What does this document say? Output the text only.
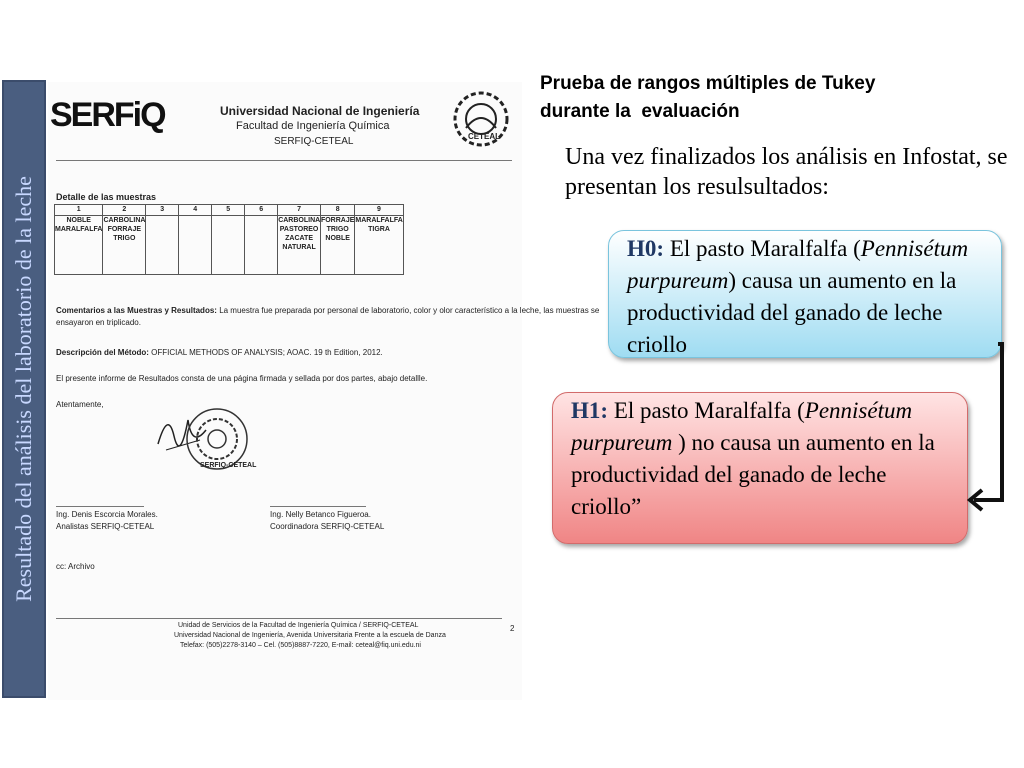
Resultado del análisis del laboratorio de la leche
SERFiQ	Universidad Nacional de Ingeniería
Facultad de Ingeniería Química
SERFIQ-CETEAL	CETEAL
Detalle de las muestras
1	2	3	4	5	6	7	8	9
NOBLE MARALFALFA	CARBOLINA FORRAJE TRIGO					CARBOLINA PASTOREO ZACATE NATURAL	FORRAJE TRIGO NOBLE	MARALFALFA TIGRA
Comentarios a las Muestras y Resultados: La muestra fue preparada por personal de laboratorio, color y olor característico a la leche, las muestras se
ensayaron en triplicado.
Descripción del Método: OFFICIAL METHODS OF ANALYSIS; AOAC. 19 th Edition, 2012.
El presente informe de Resultados consta de una página firmada y sellada por dos partes, abajo detallle.
Atentamente,
SERFIQ-CETEAL
Ing. Denis Escorcia Morales.
Analistas SERFIQ-CETEAL
Ing. Nelly Betanco Figueroa.
Coordinadora SERFIQ-CETEAL
cc: Archivo
2
Unidad de Servicios de la Facultad de Ingeniería Química / SERFIQ-CETEAL
Universidad Nacional de Ingeniería, Avenida Universitaria Frente a la escuela de Danza
Telefax: (505)2278-3140 – Cel. (505)8887-7220, E-mail: ceteal@fiq.uni.edu.ni
Prueba de rangos múltiples de Tukey
durante la  evaluación
Una vez finalizados los análisis en Infostat, se presentan los resulsultados:
H0: El pasto Maralfalfa (Pennisétum purpureum) causa un aumento en la productividad del ganado de leche criollo
H1: El pasto Maralfalfa (Pennisétum purpureum ) no causa un aumento en la productividad del ganado de leche criollo”
